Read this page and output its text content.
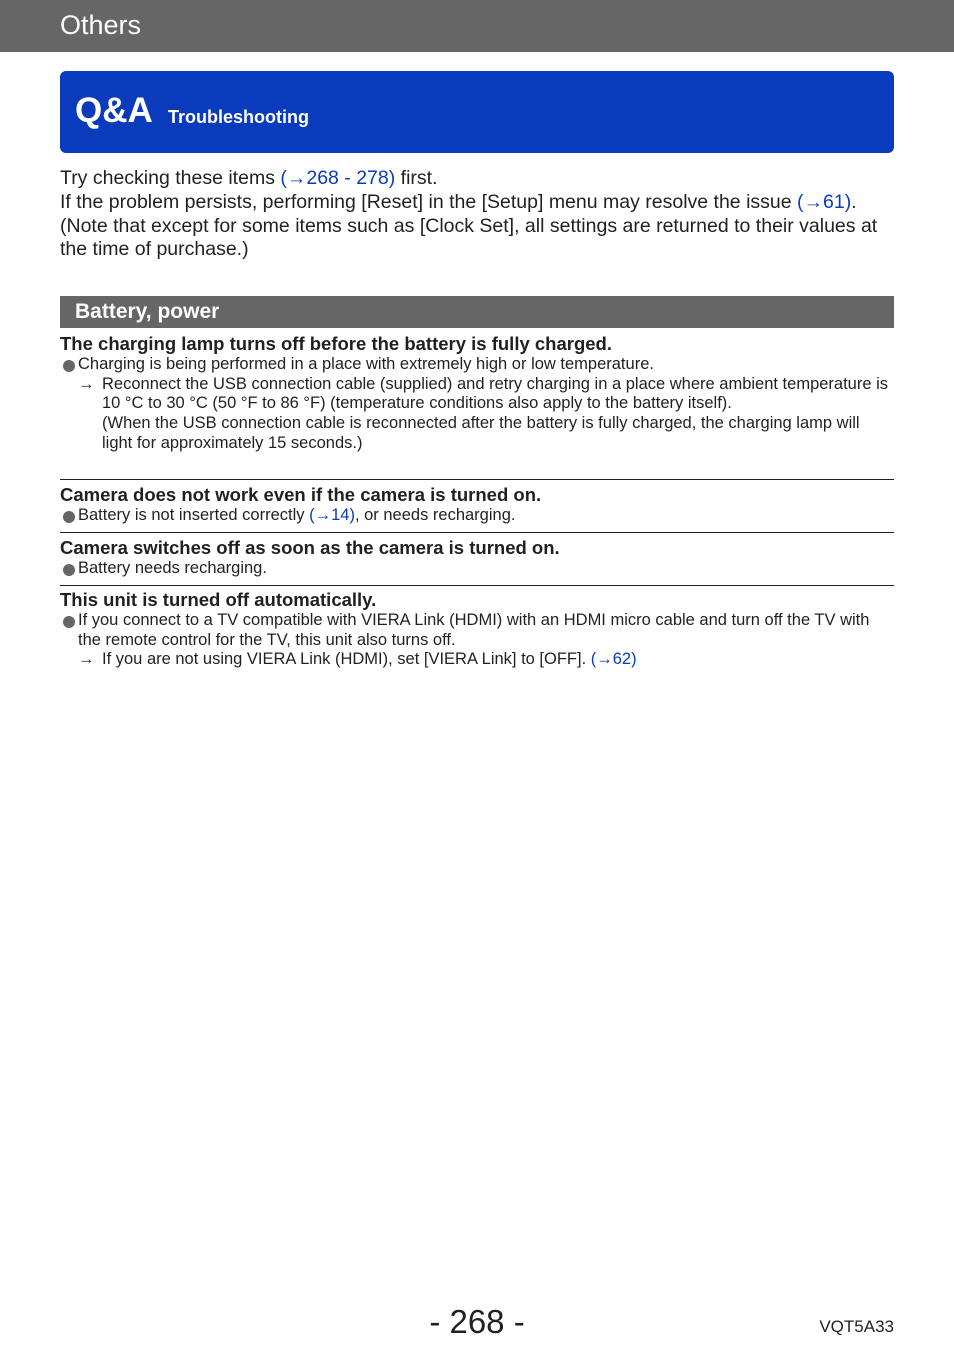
Others
Q&A Troubleshooting
Try checking these items (→268 - 278) first.
If the problem persists, performing [Reset] in the [Setup] menu may resolve the issue (→61). (Note that except for some items such as [Clock Set], all settings are returned to their values at the time of purchase.)
Battery, power
The charging lamp turns off before the battery is fully charged.
Charging is being performed in a place with extremely high or low temperature.
→ Reconnect the USB connection cable (supplied) and retry charging in a place where ambient temperature is 10 °C to 30 °C (50 °F to 86 °F) (temperature conditions also apply to the battery itself).
(When the USB connection cable is reconnected after the battery is fully charged, the charging lamp will light for approximately 15 seconds.)
Camera does not work even if the camera is turned on.
Battery is not inserted correctly (→14), or needs recharging.
Camera switches off as soon as the camera is turned on.
Battery needs recharging.
This unit is turned off automatically.
If you connect to a TV compatible with VIERA Link (HDMI) with an HDMI micro cable and turn off the TV with the remote control for the TV, this unit also turns off.
→ If you are not using VIERA Link (HDMI), set [VIERA Link] to [OFF]. (→62)
- 268 -	VQT5A33
